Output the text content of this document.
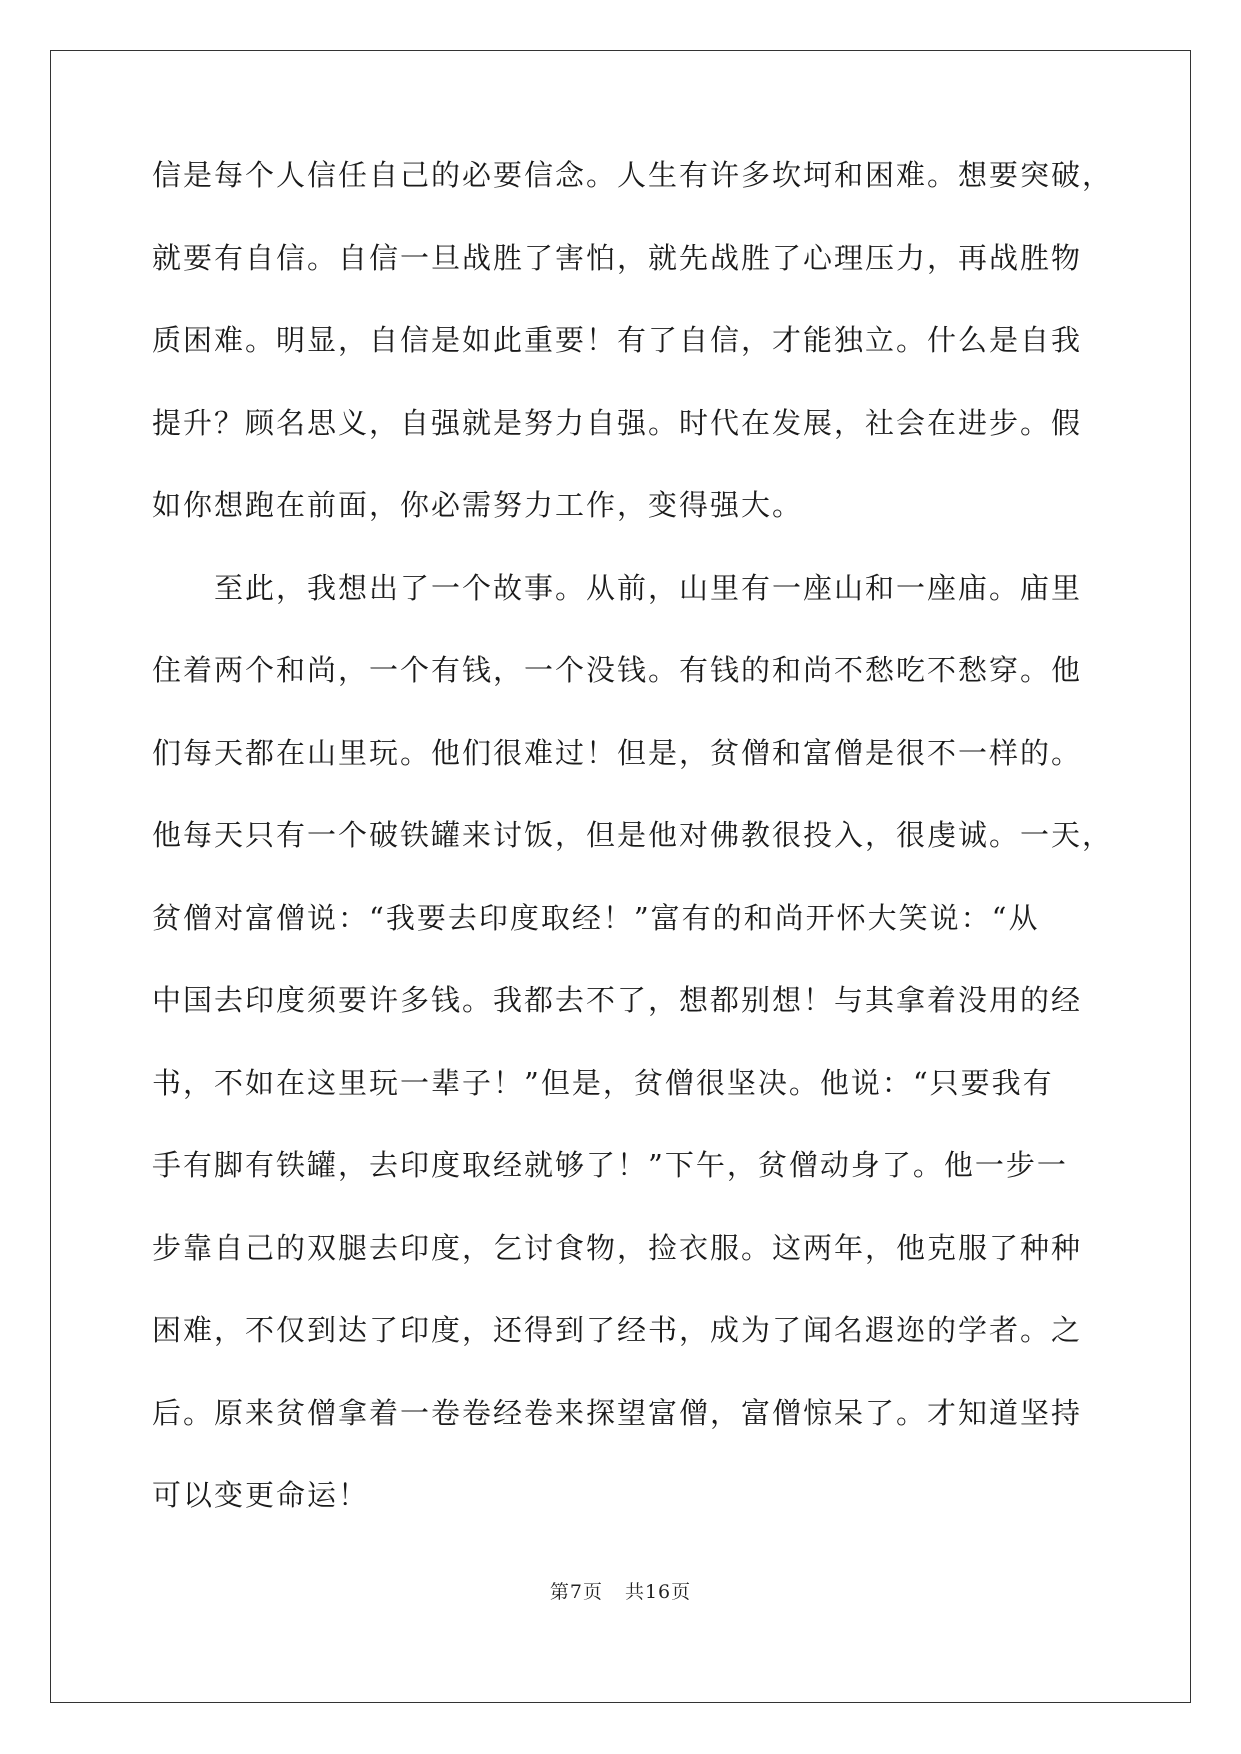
信是每个人信任自己的必要信念。人生有许多坎坷和困难。想要突破，
就要有自信。自信一旦战胜了害怕，就先战胜了心理压力，再战胜物
质困难。明显，自信是如此重要！有了自信，才能独立。什么是自我
提升？顾名思义，自强就是努力自强。时代在发展，社会在进步。假
如你想跑在前面，你必需努力工作，变得强大。
至此，我想出了一个故事。从前，山里有一座山和一座庙。庙里
住着两个和尚，一个有钱，一个没钱。有钱的和尚不愁吃不愁穿。他
们每天都在山里玩。他们很难过！但是，贫僧和富僧是很不一样的。
他每天只有一个破铁罐来讨饭，但是他对佛教很投入，很虔诚。一天，
贫僧对富僧说：“我要去印度取经！”富有的和尚开怀大笑说：“从
中国去印度须要许多钱。我都去不了，想都别想！与其拿着没用的经
书，不如在这里玩一辈子！”但是，贫僧很坚决。他说：“只要我有
手有脚有铁罐，去印度取经就够了！”下午，贫僧动身了。他一步一
步靠自己的双腿去印度，乞讨食物，捡衣服。这两年，他克服了种种
困难，不仅到达了印度，还得到了经书，成为了闻名遐迩的学者。之
后。原来贫僧拿着一卷卷经卷来探望富僧，富僧惊呆了。才知道坚持
可以变更命运！
第7页 共16页
